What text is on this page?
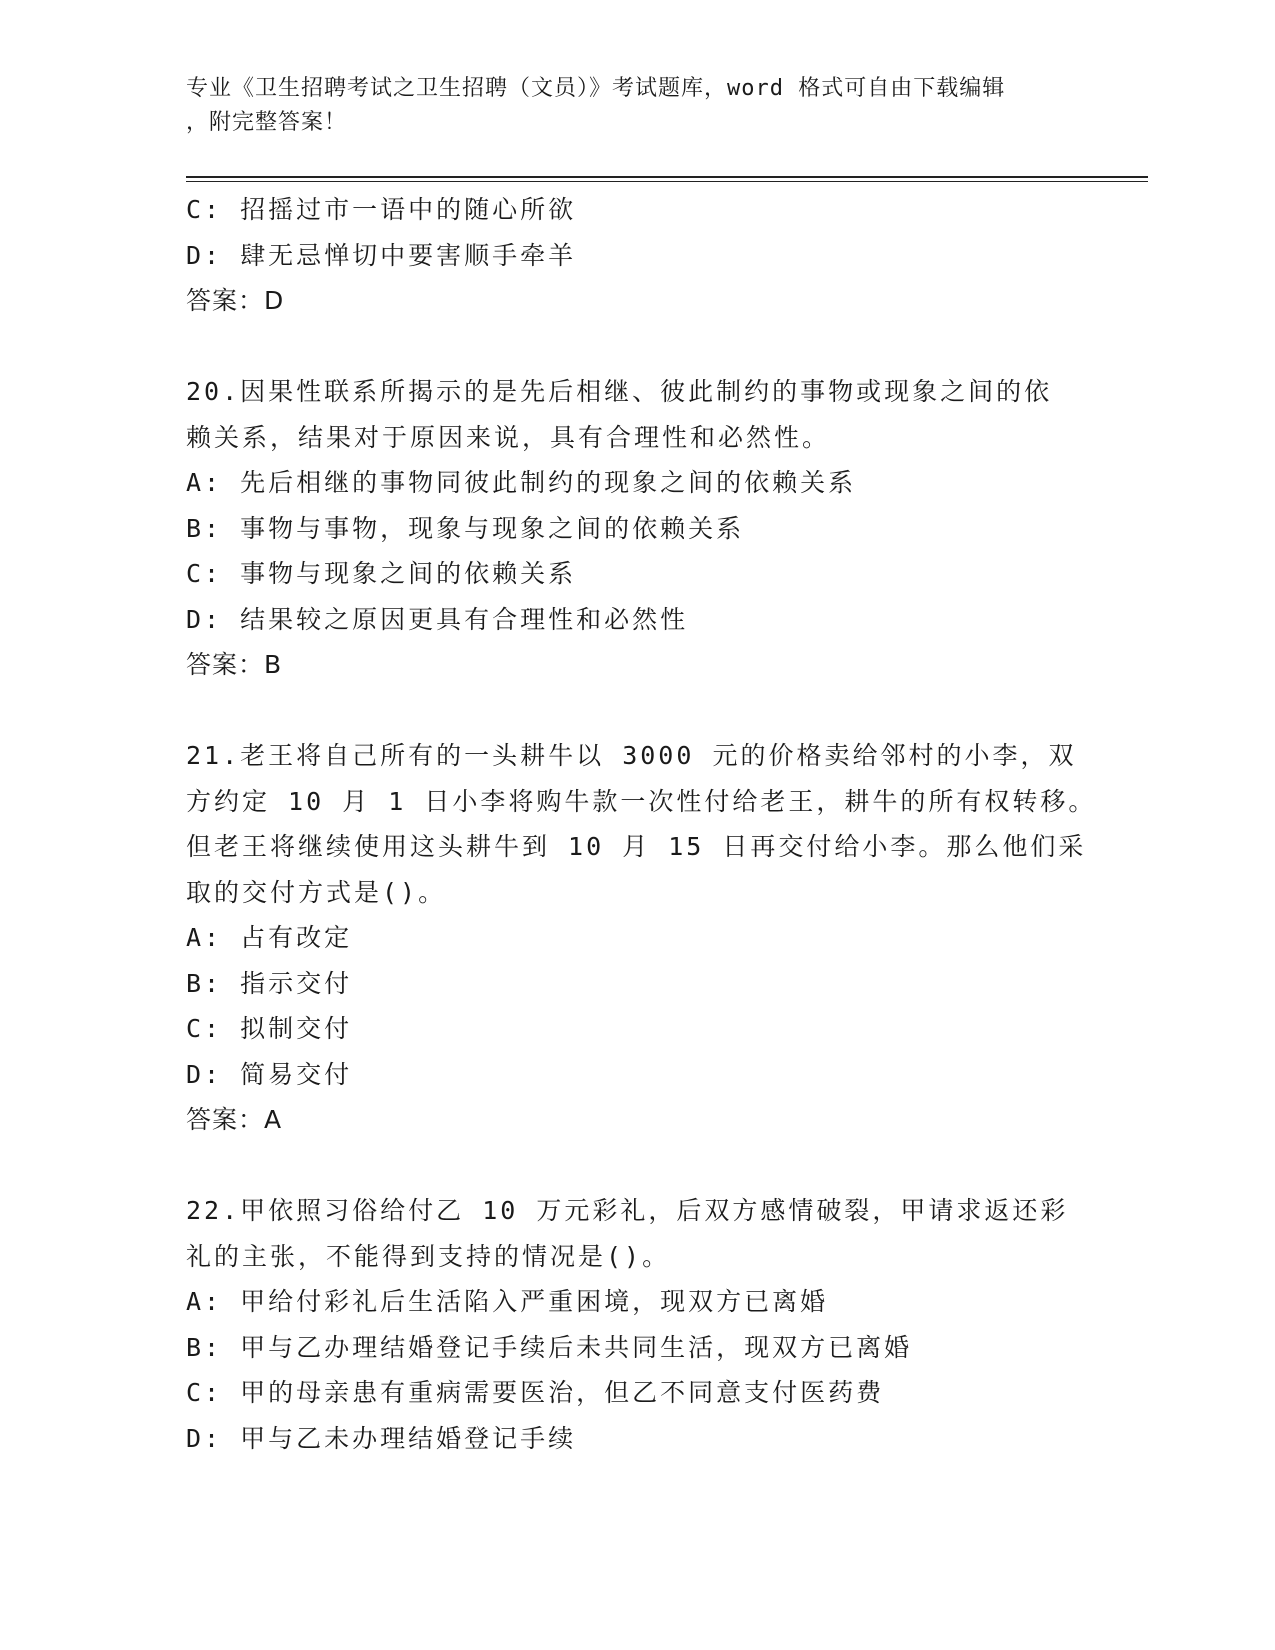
专业《卫生招聘考试之卫生招聘（文员）》考试题库，word 格式可自由下载编辑
，附完整答案！
C: 招摇过市一语中的随心所欲
D: 肆无忌惮切中要害顺手牵羊
答案：D
20.因果性联系所揭示的是先后相继、彼此制约的事物或现象之间的依
赖关系，结果对于原因来说，具有合理性和必然性。
A: 先后相继的事物同彼此制约的现象之间的依赖关系
B: 事物与事物，现象与现象之间的依赖关系
C: 事物与现象之间的依赖关系
D: 结果较之原因更具有合理性和必然性
答案：B
21.老王将自己所有的一头耕牛以 3000 元的价格卖给邻村的小李，双
方约定 10 月 1 日小李将购牛款一次性付给老王，耕牛的所有权转移。
但老王将继续使用这头耕牛到 10 月 15 日再交付给小李。那么他们采
取的交付方式是()。
A: 占有改定
B: 指示交付
C: 拟制交付
D: 简易交付
答案：A
22.甲依照习俗给付乙 10 万元彩礼，后双方感情破裂，甲请求返还彩
礼的主张，不能得到支持的情况是()。
A: 甲给付彩礼后生活陷入严重困境，现双方已离婚
B: 甲与乙办理结婚登记手续后未共同生活，现双方已离婚
C: 甲的母亲患有重病需要医治，但乙不同意支付医药费
D: 甲与乙未办理结婚登记手续
